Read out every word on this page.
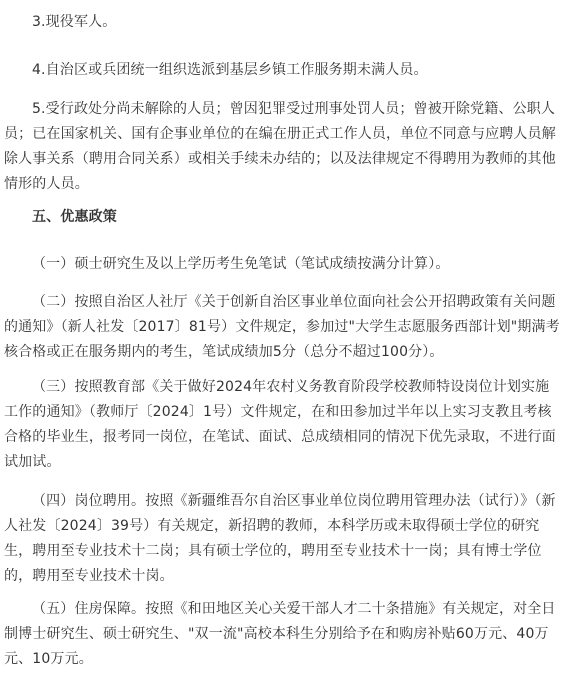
3.现役军人。

4.自治区或兵团统一组织选派到基层乡镇工作服务期未满人员。

5.受行政处分尚未解除的人员；曾因犯罪受过刑事处罚人员；曾被开除党籍、公职人员；已在国家机关、国有企事业单位的在编在册正式工作人员，单位不同意与应聘人员解除人事关系（聘用合同关系）或相关手续未办结的；以及法律规定不得聘用为教师的其他情形的人员。

五、优惠政策

（一）硕士研究生及以上学历考生免笔试（笔试成绩按满分计算）。

（二）按照自治区人社厅《关于创新自治区事业单位面向社会公开招聘政策有关问题的通知》（新人社发〔2017〕81号）文件规定，参加过"大学生志愿服务西部计划"期满考核合格或正在服务期内的考生，笔试成绩加5分（总分不超过100分）。

（三）按照教育部《关于做好2024年农村义务教育阶段学校教师特设岗位计划实施工作的通知》（教师厅〔2024〕1号）文件规定，在和田参加过半年以上实习支教且考核合格的毕业生，报考同一岗位，在笔试、面试、总成绩相同的情况下优先录取，不进行面试加试。

（四）岗位聘用。按照《新疆维吾尔自治区事业单位岗位聘用管理办法（试行）》（新人社发〔2024〕39号）有关规定，新招聘的教师，本科学历或未取得硕士学位的研究生，聘用至专业技术十二岗；具有硕士学位的，聘用至专业技术十一岗；具有博士学位的，聘用至专业技术十岗。

（五）住房保障。按照《和田地区关心关爱干部人才二十条措施》有关规定，对全日制博士研究生、硕士研究生、"双一流"高校本科生分别给予在和购房补贴60万元、40万元、10万元。
